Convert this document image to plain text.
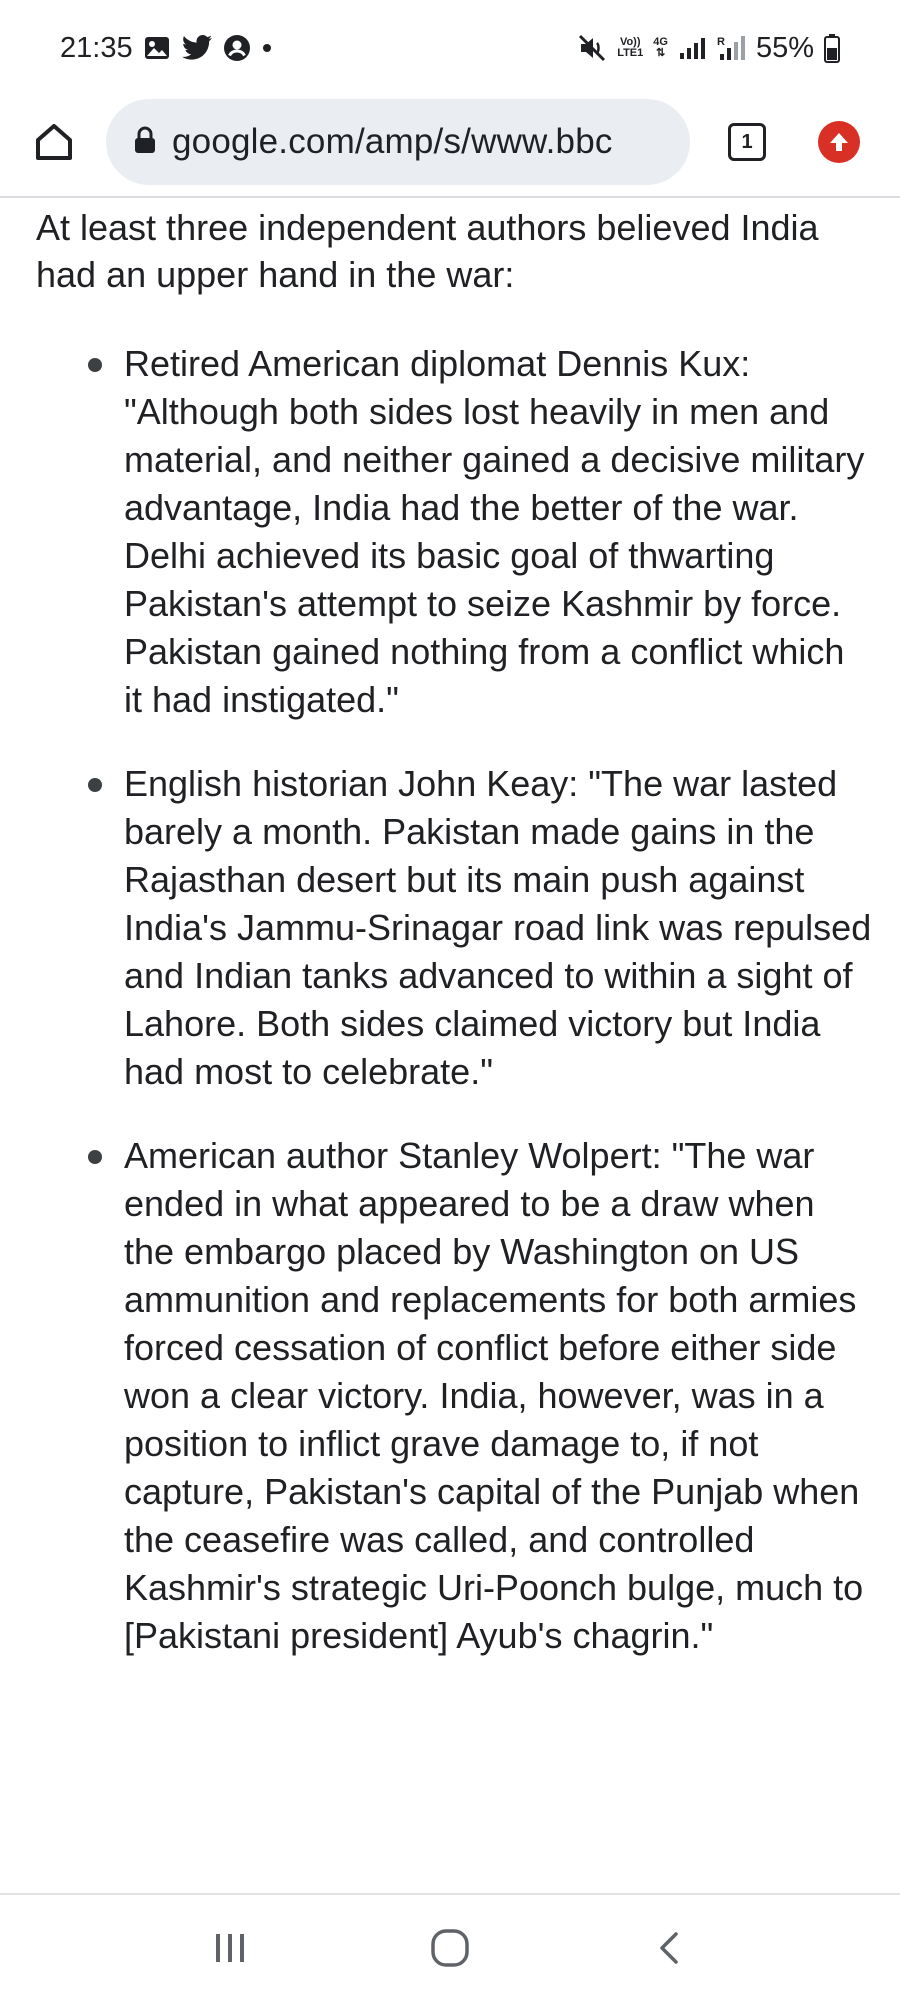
21:35	Vo))
LTE1
4G
⇅
R 55%
google.com/amp/s/www.bbc	1

At least three independent authors believed India had an upper hand in the war:

Retired American diplomat Dennis Kux: "Although both sides lost heavily in men and material, and neither gained a decisive military advantage, India had the better of the war. Delhi achieved its basic goal of thwarting Pakistan's attempt to seize Kashmir by force. Pakistan gained nothing from a conflict which it had instigated."
English historian John Keay: "The war lasted barely a month. Pakistan made gains in the Rajasthan desert but its main push against India's Jammu-Srinagar road link was repulsed and Indian tanks advanced to within a sight of Lahore. Both sides claimed victory but India had most to celebrate."
American author Stanley Wolpert: "The war ended in what appeared to be a draw when the embargo placed by Washington on US ammunition and replacements for both armies forced cessation of conflict before either side won a clear victory. India, however, was in a position to inflict grave damage to, if not capture, Pakistan's capital of the Punjab when the ceasefire was called, and controlled Kashmir's strategic Uri-Poonch bulge, much to [Pakistani president] Ayub's chagrin."
